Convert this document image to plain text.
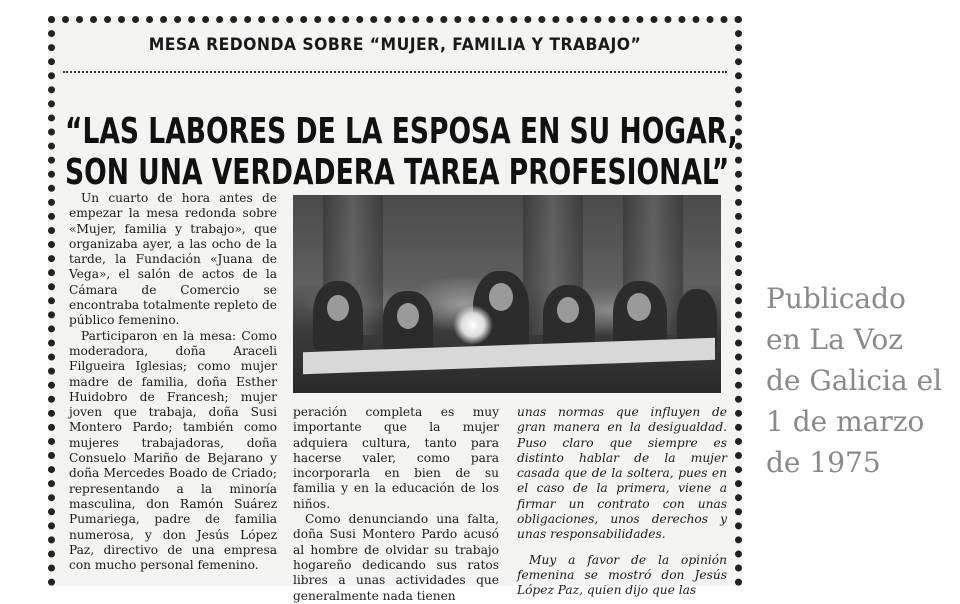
MESA REDONDA SOBRE “MUJER, FAMILIA Y TRABAJO”
“LAS LABORES DE LA ESPOSA EN SU HOGAR,
SON UNA VERDADERA TAREA PROFESIONAL”

Un cuarto de hora antes de empezar la mesa redonda sobre «Mujer, familia y trabajo», que organizaba ayer, a las ocho de la tarde, la Fundación «Juana de Vega», el salón de actos de la Cámara de Comercio se encontraba totalmente repleto de público femenino.

Participaron en la mesa: Como moderadora, doña Araceli Filgueira Iglesias; como mujer madre de familia, doña Esther Huidobro de Francesh; mujer joven que trabaja, doña Susi Montero Pardo; también como mujeres trabajadoras, doña Consuelo Mariño de Bejarano y doña Mercedes Boado de Criado; representando a la minoría masculina, don Ramón Suárez Pumariega, padre de familia numerosa, y don Jesús López Paz, directivo de una empresa con mucho personal femenino.

peración completa es muy importante que la mujer adquiera cultura, tanto para hacerse valer, como para incorporarla en bien de su familia y en la educación de los niños.

Como denunciando una falta, doña Susi Montero Pardo acusó al hombre de olvidar su trabajo hogareño dedicando sus ratos libres a unas actividades que generalmente nada tienen

unas normas que influyen de gran manera en la desigualdad. Puso claro que siempre es distinto hablar de la mujer casada que de la soltera, pues en el caso de la primera, viene a firmar un contrato con unas obligaciones, unos derechos y unas responsabilidades.

Muy a favor de la opinión femenina se mostró don Jesús López Paz, quien dijo que las

Publicado
en La Voz
de Galicia el
1 de marzo
de 1975
